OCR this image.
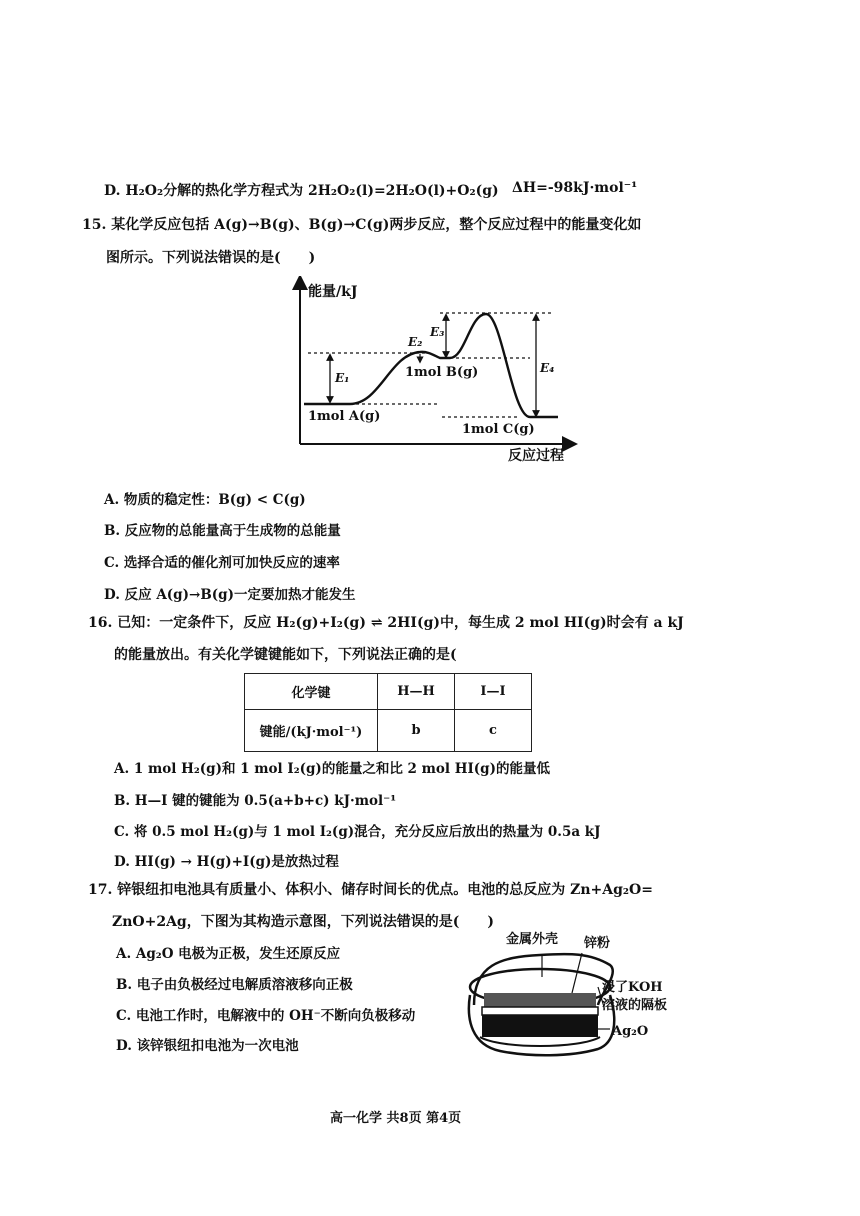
D. H₂O₂分解的热化学方程式为 2H₂O₂(l)=2H₂O(l)+O₂(g) ΔH=-98kJ·mol⁻¹
15. 某化学反应包括 A(g)→B(g)、B(g)→C(g)两步反应，整个反应过程中的能量变化如
图所示。下列说法错误的是(　　)
能量/kJ
反应过程
E₁
E₂
E₃
E₄
1mol A(g)
1mol B(g)
1mol C(g)
A. 物质的稳定性：B(g) < C(g)
B. 反应物的总能量高于生成物的总能量
C. 选择合适的催化剂可加快反应的速率
D. 反应 A(g)→B(g)一定要加热才能发生
16. 已知：一定条件下，反应 H₂(g)+I₂(g) ⇌ 2HI(g)中，每生成 2 mol HI(g)时会有 a kJ
的能量放出。有关化学键键能如下，下列说法正确的是(
化学键	H—H	I—I
键能/(kJ·mol⁻¹)	b	c
A. 1 mol H₂(g)和 1 mol I₂(g)的能量之和比 2 mol HI(g)的能量低
B. H—I 键的键能为 0.5(a+b+c) kJ·mol⁻¹
C. 将 0.5 mol H₂(g)与 1 mol I₂(g)混合，充分反应后放出的热量为 0.5a kJ
D. HI(g) → H(g)+I(g)是放热过程
17. 锌银纽扣电池具有质量小、体积小、储存时间长的优点。电池的总反应为 Zn+Ag₂O=
ZnO+2Ag，下图为其构造示意图，下列说法错误的是(　　)
A. Ag₂O 电极为正极，发生还原反应
B. 电子由负极经过电解质溶液移向正极
C. 电池工作时，电解液中的 OH⁻不断向负极移动
D. 该锌银纽扣电池为一次电池
金属外壳 锌粉
浸了KOH
溶液的隔板
Ag₂O
高一化学 共8页 第4页
